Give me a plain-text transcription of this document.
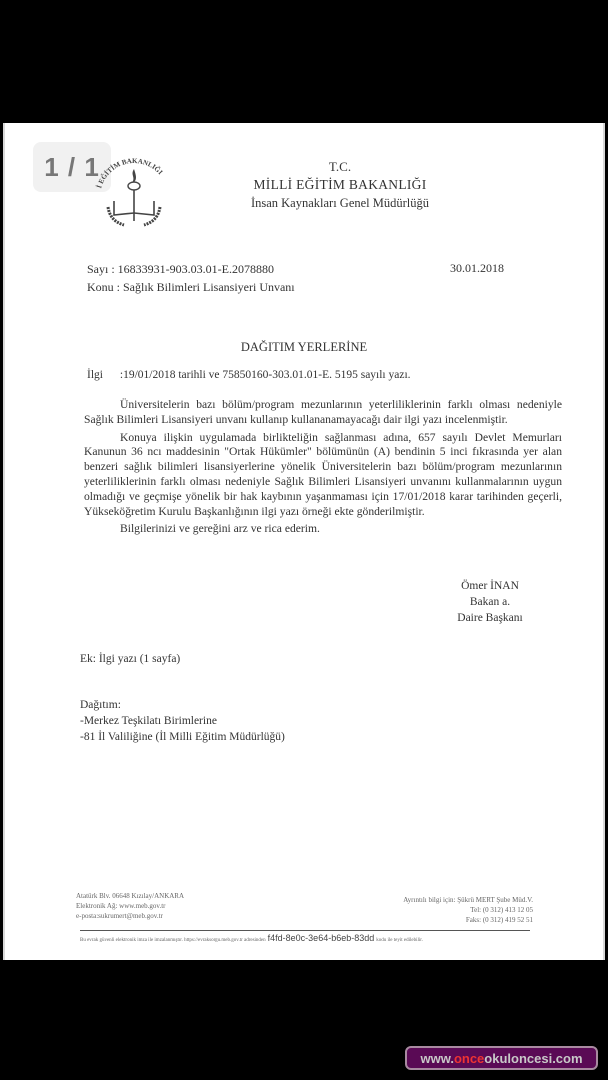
1 / 1
İ EĞİTİM BAKANLIĞI	T.C.
MİLLİ EĞİTİM BAKANLIĞI
İnsan Kaynakları Genel Müdürlüğü
Sayı : 16833931-903.03.01-E.2078880
Konu : Sağlık Bilimleri Lisansiyeri Unvanı
30.01.2018
DAĞITIM YERLERİNE
İlgi :19/01/2018 tarihli ve 75850160-303.01.01-E. 5195 sayılı yazı.

Üniversitelerin bazı bölüm/program mezunlarının yeterliliklerinin farklı olması nedeniyle Sağlık Bilimleri Lisansiyeri unvanı kullanıp kullananamayacağı dair ilgi yazı incelenmiştir.

Konuya ilişkin uygulamada birlikteliğin sağlanması adına, 657 sayılı Devlet Memurları Kanunun 36 ncı maddesinin "Ortak Hükümler" bölümünün (A) bendinin 5 inci fıkrasında yer alan benzeri sağlık bilimleri lisansiyerlerine yönelik Üniversitelerin bazı bölüm/program mezunlarının yeterliliklerinin farklı olması nedeniyle Sağlık Bilimleri Lisansiyeri unvanını kullanmalarının uygun olmadığı ve geçmişe yönelik bir hak kaybının yaşanmaması için 17/01/2018 karar tarihinden geçerli, Yükseköğretim Kurulu Başkanlığının ilgi yazı örneği ekte gönderilmiştir.

Bilgilerinizi ve gereğini arz ve rica ederim.

Ömer İNAN
Bakan a.
Daire Başkanı
Ek: İlgi yazı (1 sayfa)
Dağıtım:
-Merkez Teşkilatı Birimlerine
-81 İl Valiliğine (İl Milli Eğitim Müdürlüğü)
Atatürk Blv. 06648 Kızılay/ANKARA
Elektronik Ağ: www.meb.gov.tr
e-posta:sukrumert@meb.gov.tr
Ayrıntılı bilgi için: Şükrü MERT Şube Müd.V.
Tel: (0 312) 413 12 05
Faks: (0 312) 419 52 51
Bu evrak güvenli elektronik imza ile imzalanmıştır. https://evraksorgu.meb.gov.tr adresinden f4fd-8e0c-3e64-b6eb-83dd kodu ile teyit edilebilir.
www. once okuloncesi.com
